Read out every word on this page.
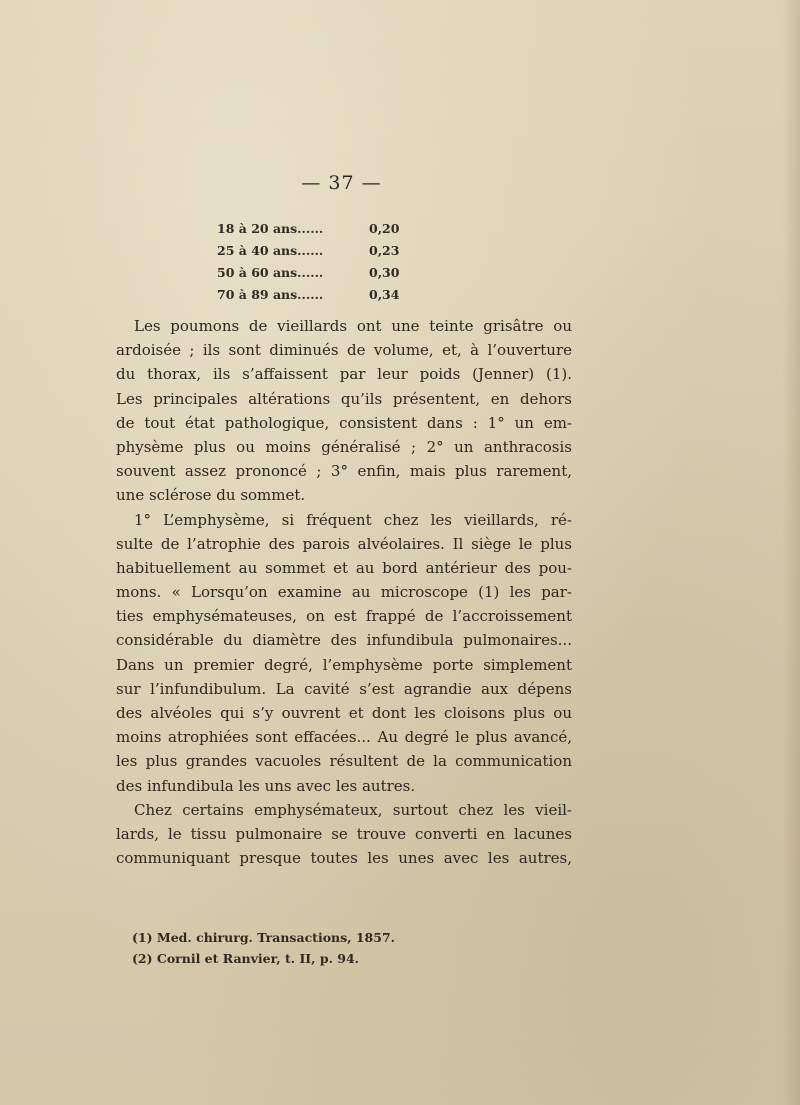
— 37 —
18 à 20 ans......	0,20
25 à 40 ans......	0,23
50 à 60 ans......	0,30
70 à 89 ans......	0,34
Les poumons de vieillards ont une teinte grisâtre ou
ardoisée ; ils sont diminués de volume, et, à l’ouverture
du thorax, ils s’affaissent par leur poids (Jenner) (1).
Les principales altérations qu’ils présentent, en dehors
de tout état pathologique, consistent dans : 1° un em-
physème plus ou moins généralisé ; 2° un anthracosis
souvent assez prononcé ; 3° enfin, mais plus rarement,
une sclérose du sommet.
1° L’emphysème, si fréquent chez les vieillards, ré-
sulte de l’atrophie des parois alvéolaires. Il siège le plus
habituellement au sommet et au bord antérieur des pou-
mons. « Lorsqu’on examine au microscope (1) les par-
ties emphysémateuses, on est frappé de l’accroissement
considérable du diamètre des infundibula pulmonaires...
Dans un premier degré, l’emphysème porte simplement
sur l’infundibulum. La cavité s’est agrandie aux dépens
des alvéoles qui s’y ouvrent et dont les cloisons plus ou
moins atrophiées sont effacées... Au degré le plus avancé,
les plus grandes vacuoles résultent de la communication
des infundibula les uns avec les autres.
Chez certains emphysémateux, surtout chez les vieil-
lards, le tissu pulmonaire se trouve converti en lacunes
communiquant presque toutes les unes avec les autres,
(1) Med. chirurg. Transactions, 1857.
(2) Cornil et Ranvier, t. II, p. 94.
